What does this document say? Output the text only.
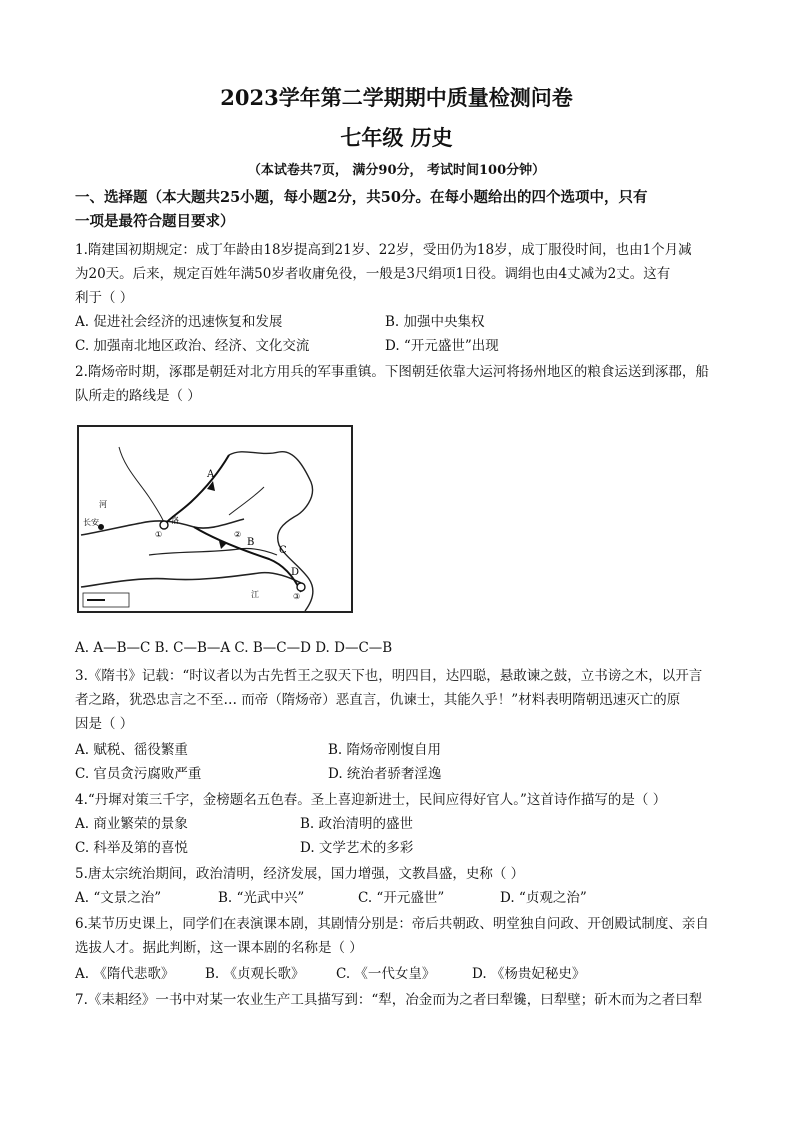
2023学年第二学期期中质量检测问卷
七年级 历史
（本试卷共7页， 满分90分， 考试时间100分钟）
一、选择题（本大题共25小题，每小题2分，共50分。在每小题给出的四个选项中，只有
一项是最符合题目要求）
1.隋建国初期规定：成丁年龄由18岁提高到21岁、22岁，受田仍为18岁，成丁服役时间，也由1个月减
为20天。后来，规定百姓年满50岁者收庸免役，一般是3尺绢项1日役。调绢也由4丈减为2丈。这有
利于（ ）
A. 促进社会经济的迅速恢复和发展	B. 加强中央集权
C. 加强南北地区政治、经济、文化交流	D. “开元盛世”出现
2.隋炀帝时期，涿郡是朝廷对北方用兵的军事重镇。下图朝廷依靠大运河将扬州地区的粮食运送到涿郡，船
队所走的路线是（ ）
A
B
C
D
长安
河
江
洛
①	②
③
A. A—B—C B. C—B—A C. B—C—D D. D—C—B
3.《隋书》记载：“时议者以为古先哲王之驭天下也，明四目，达四聪，悬敢谏之鼓，立书谤之木，以开言
者之路，犹恐忠言之不至… 而帝（隋炀帝）恶直言，仇谏士，其能久乎！”材料表明隋朝迅速灭亡的原
因是（ ）
A. 赋税、徭役繁重	B. 隋炀帝刚愎自用
C. 官员贪污腐败严重	D. 统治者骄奢淫逸
4.“丹墀对策三千字，金榜题名五色春。圣上喜迎新进士，民间应得好官人。”这首诗作描写的是（ ）
A. 商业繁荣的景象	B. 政治清明的盛世
C. 科举及第的喜悦	D. 文学艺术的多彩
5.唐太宗统治期间，政治清明，经济发展，国力增强，文教昌盛，史称（ ）
A. “文景之治”	B. “光武中兴”	C. “开元盛世”	D. “贞观之治”
6.某节历史课上，同学们在表演课本剧，其剧情分别是：帝后共朝政、明堂独自问政、开创殿试制度、亲自
选拔人才。据此判断，这一课本剧的名称是（ ）
A. 《隋代悲歌》 B. 《贞观长歌》 C. 《一代女皇》	D. 《杨贵妃秘史》
7.《耒耜经》一书中对某一农业生产工具描写到：“犁，冶金而为之者曰犁镵，曰犁壁；斫木而为之者曰犁
